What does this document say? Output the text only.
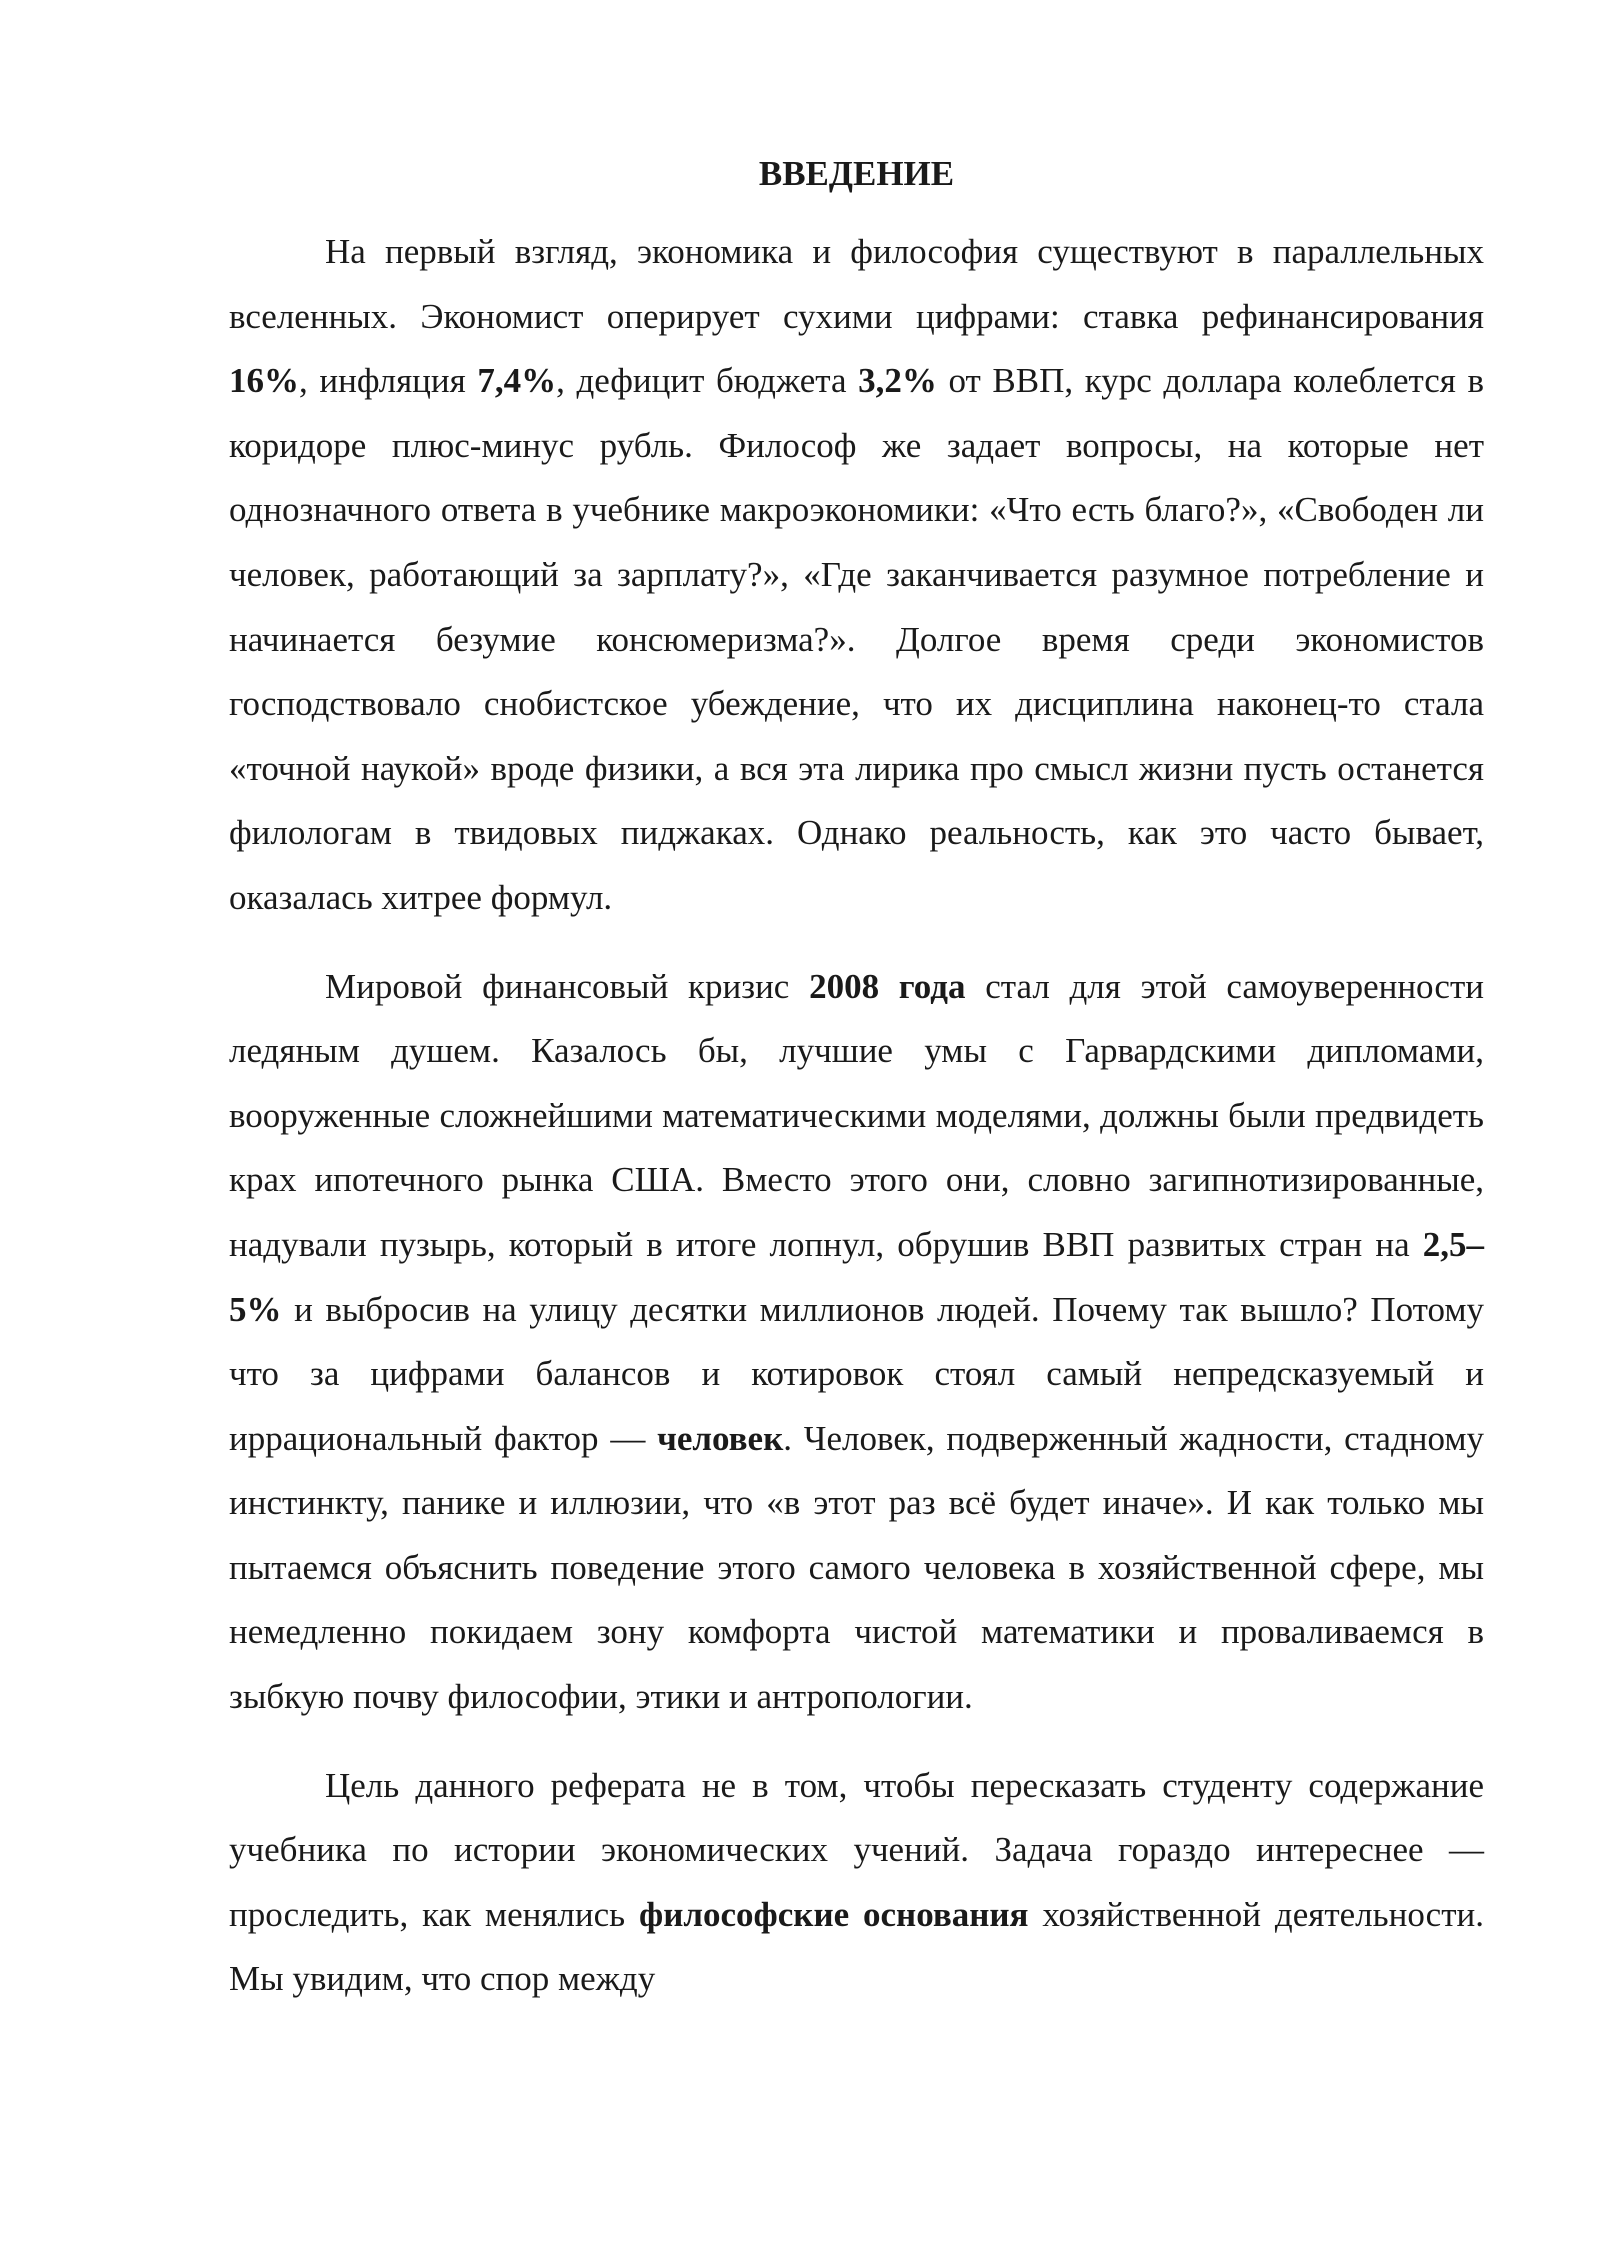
ВВЕДЕНИЕ

На первый взгляд, экономика и философия существуют в параллельных вселенных. Экономист оперирует сухими цифрами: ставка рефинансирования 16%, инфляция 7,4%, дефицит бюджета 3,2% от ВВП, курс доллара колеблется в коридоре плюс-минус рубль. Философ же задает вопросы, на которые нет однозначного ответа в учебнике макроэкономики: «Что есть благо?», «Свободен ли человек, работающий за зарплату?», «Где заканчивается разумное потребление и начинается безумие консюмеризма?». Долгое время среди экономистов господствовало снобистское убеждение, что их дисциплина наконец-то стала «точной наукой» вроде физики, а вся эта лирика про смысл жизни пусть останется филологам в твидовых пиджаках. Однако реальность, как это часто бывает, оказалась хитрее формул.

Мировой финансовый кризис 2008 года стал для этой самоуверенности ледяным душем. Казалось бы, лучшие умы с Гарвардскими дипломами, вооруженные сложнейшими математическими моделями, должны были предвидеть крах ипотечного рынка США. Вместо этого они, словно загипнотизированные, надували пузырь, который в итоге лопнул, обрушив ВВП развитых стран на 2,5–5% и выбросив на улицу десятки миллионов людей. Почему так вышло? Потому что за цифрами балансов и котировок стоял самый непредсказуемый и иррациональный фактор — человек. Человек, подверженный жадности, стадному инстинкту, панике и иллюзии, что «в этот раз всё будет иначе». И как только мы пытаемся объяснить поведение этого самого человека в хозяйственной сфере, мы немедленно покидаем зону комфорта чистой математики и проваливаемся в зыбкую почву философии, этики и антропологии.

Цель данного реферата не в том, чтобы пересказать студенту содержание учебника по истории экономических учений. Задача гораздо интереснее — проследить, как менялись философские основания хозяйственной деятельности. Мы увидим, что спор между
